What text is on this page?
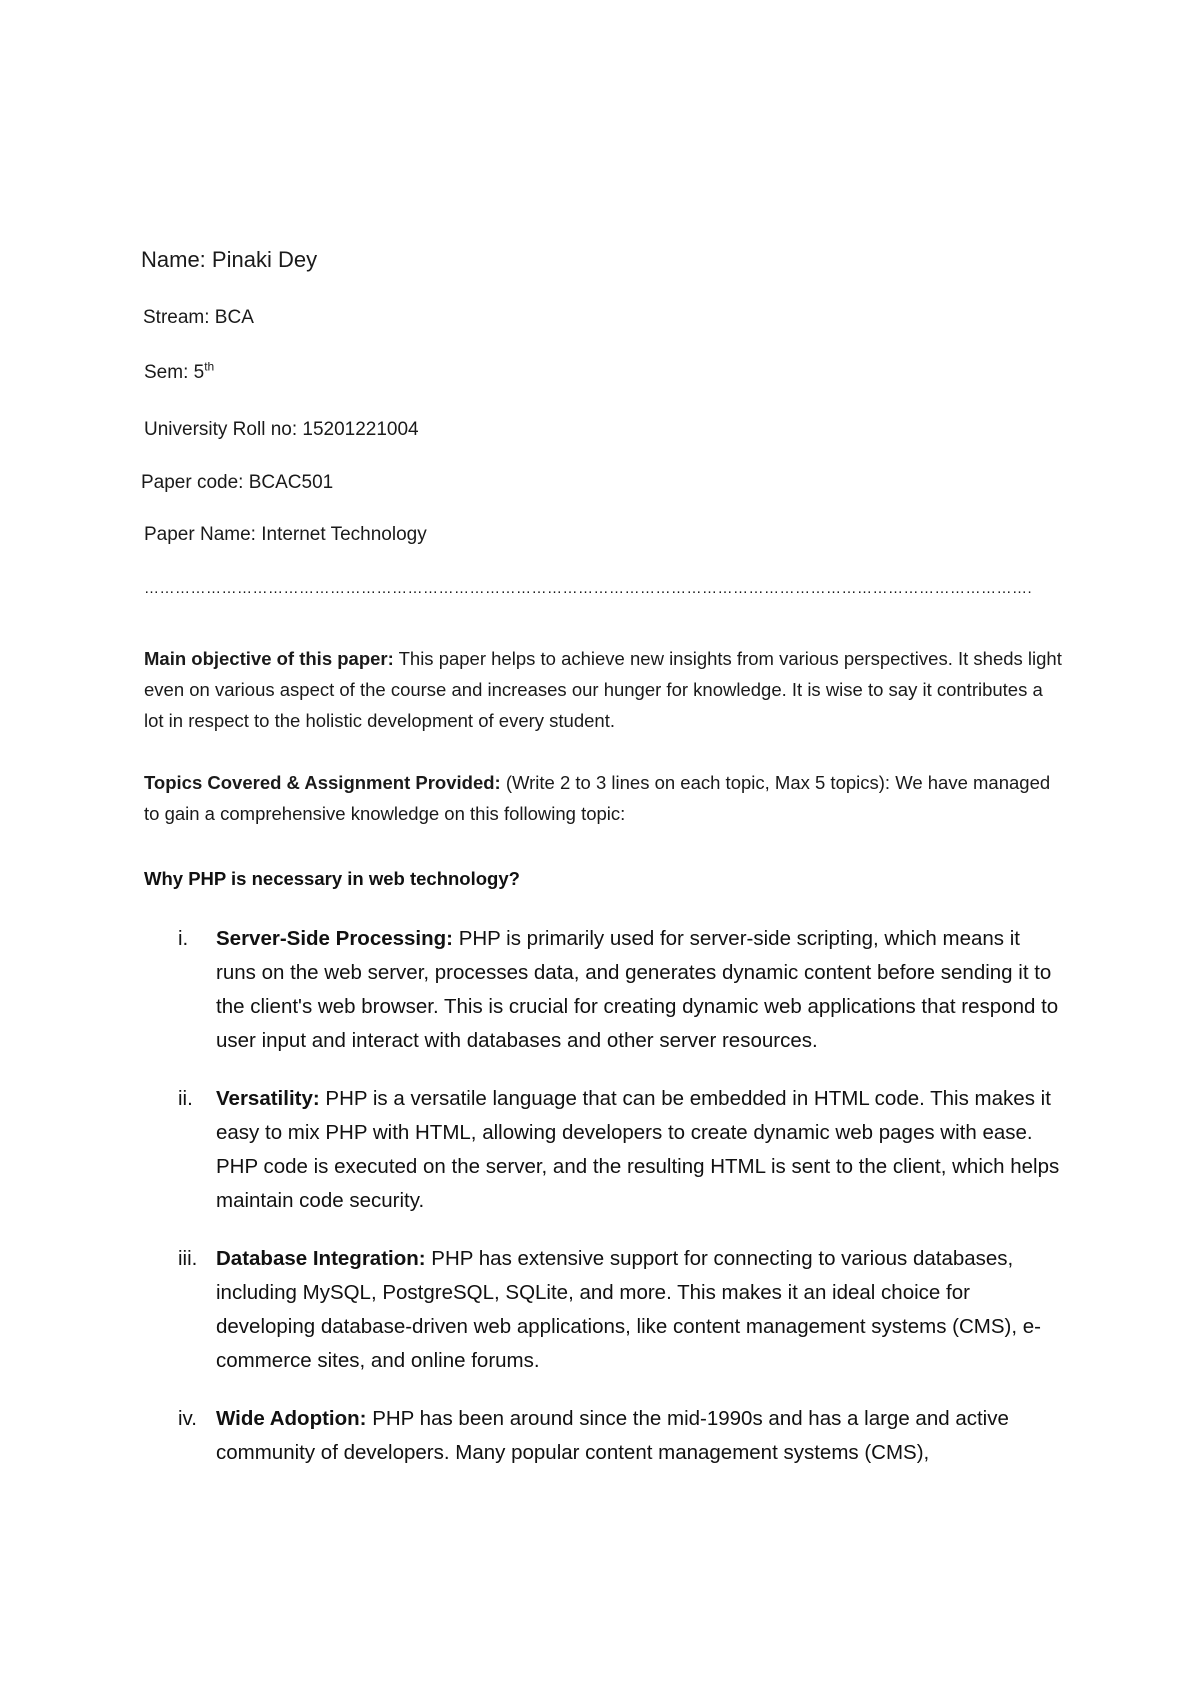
Name: Pinaki Dey
Stream: BCA
Sem: 5th
University Roll no: 15201221004
Paper code: BCAC501
Paper Name: Internet Technology
……………………………………………………………………………………………………………………………………………………….
Main objective of this paper: This paper helps to achieve new insights from various perspectives. It sheds light even on various aspect of the course and increases our hunger for knowledge. It is wise to say it contributes a lot in respect to the holistic development of every student.
Topics Covered & Assignment Provided: (Write 2 to 3 lines on each topic, Max 5 topics): We have managed to gain a comprehensive knowledge on this following topic:
Why PHP is necessary in web technology?
i. Server-Side Processing: PHP is primarily used for server-side scripting, which means it runs on the web server, processes data, and generates dynamic content before sending it to the client's web browser. This is crucial for creating dynamic web applications that respond to user input and interact with databases and other server resources.
ii. Versatility: PHP is a versatile language that can be embedded in HTML code. This makes it easy to mix PHP with HTML, allowing developers to create dynamic web pages with ease. PHP code is executed on the server, and the resulting HTML is sent to the client, which helps maintain code security.
iii. Database Integration: PHP has extensive support for connecting to various databases, including MySQL, PostgreSQL, SQLite, and more. This makes it an ideal choice for developing database-driven web applications, like content management systems (CMS), e-commerce sites, and online forums.
iv. Wide Adoption: PHP has been around since the mid-1990s and has a large and active community of developers. Many popular content management systems (CMS),
